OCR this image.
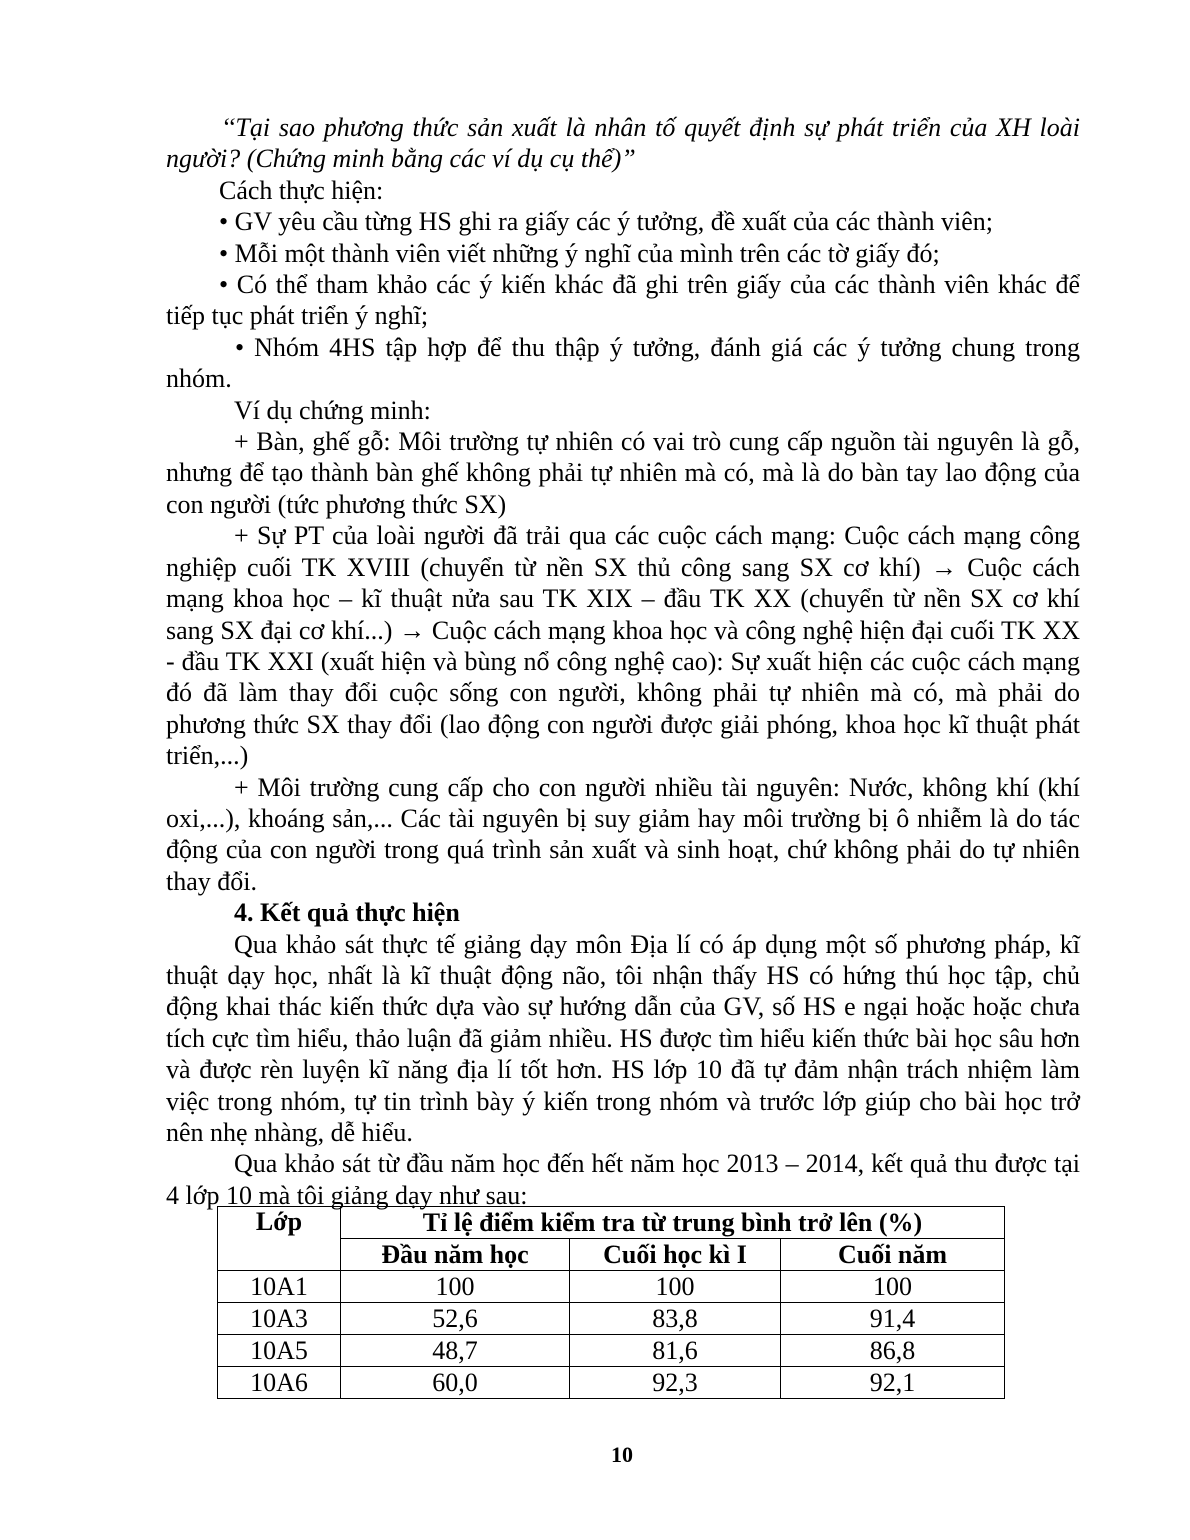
‘‘Tại sao phương thức sản xuất là nhân tố quyết định sự phát triển của XH loài người? (Chứng minh bằng các ví dụ cụ thể)”

Cách thực hiện:

• GV yêu cầu từng HS ghi ra giấy các ý tưởng, đề xuất của các thành viên;

• Mỗi một thành viên viết những ý nghĩ của mình trên các tờ giấy đó;

• Có thể tham khảo các ý kiến khác đã ghi trên giấy của các thành viên khác để tiếp tục phát triển ý nghĩ;

• Nhóm 4HS tập hợp để thu thập ý tưởng, đánh giá các ý tưởng chung trong nhóm.

Ví dụ chứng minh:

+ Bàn, ghế gỗ: Môi trường tự nhiên có vai trò cung cấp nguồn tài nguyên là gỗ, nhưng để tạo thành bàn ghế không phải tự nhiên mà có, mà là do bàn tay lao động của con người (tức phương thức SX)

+ Sự PT của loài người đã trải qua các cuộc cách mạng: Cuộc cách mạng công nghiệp cuối TK XVIII (chuyển từ nền SX thủ công sang SX cơ khí) → Cuộc cách mạng khoa học – kĩ thuật nửa sau TK XIX – đầu TK XX (chuyển từ nền SX cơ khí sang SX đại cơ khí...) → Cuộc cách mạng khoa học và công nghệ hiện đại cuối TK XX - đầu TK XXI (xuất hiện và bùng nổ công nghệ cao): Sự xuất hiện các cuộc cách mạng đó đã làm thay đổi cuộc sống con người, không phải tự nhiên mà có, mà phải do phương thức SX thay đổi (lao động con người được giải phóng, khoa học kĩ thuật phát triển,...)

+ Môi trường cung cấp cho con người nhiều tài nguyên: Nước, không khí (khí oxi,...), khoáng sản,... Các tài nguyên bị suy giảm hay môi trường bị ô nhiễm là do tác động của con người trong quá trình sản xuất và sinh hoạt, chứ không phải do tự nhiên thay đổi.

4. Kết quả thực hiện

Qua khảo sát thực tế giảng dạy môn Địa lí có áp dụng một số phương pháp, kĩ thuật dạy học, nhất là kĩ thuật động não, tôi nhận thấy HS có hứng thú học tập, chủ động khai thác kiến thức dựa vào sự hướng dẫn của GV, số HS e ngại hoặc hoặc chưa tích cực tìm hiểu, thảo luận đã giảm nhiều. HS được tìm hiểu kiến thức bài học sâu hơn và được rèn luyện kĩ năng địa lí tốt hơn. HS lớp 10 đã tự đảm nhận trách nhiệm làm việc trong nhóm, tự tin trình bày ý kiến trong nhóm và trước lớp giúp cho bài học trở nên nhẹ nhàng, dễ hiểu.

Qua khảo sát từ đầu năm học đến hết năm học 2013 – 2014, kết quả thu được tại 4 lớp 10 mà tôi giảng dạy như sau:

Lớp	Tỉ lệ điểm kiểm tra từ trung bình trở lên (%)		
	Đầu năm học	Cuối học kì I	Cuối năm
10A1	100	100	100
10A3	52,6	83,8	91,4
10A5	48,7	81,6	86,8
10A6	60,0	92,3	92,1
10
